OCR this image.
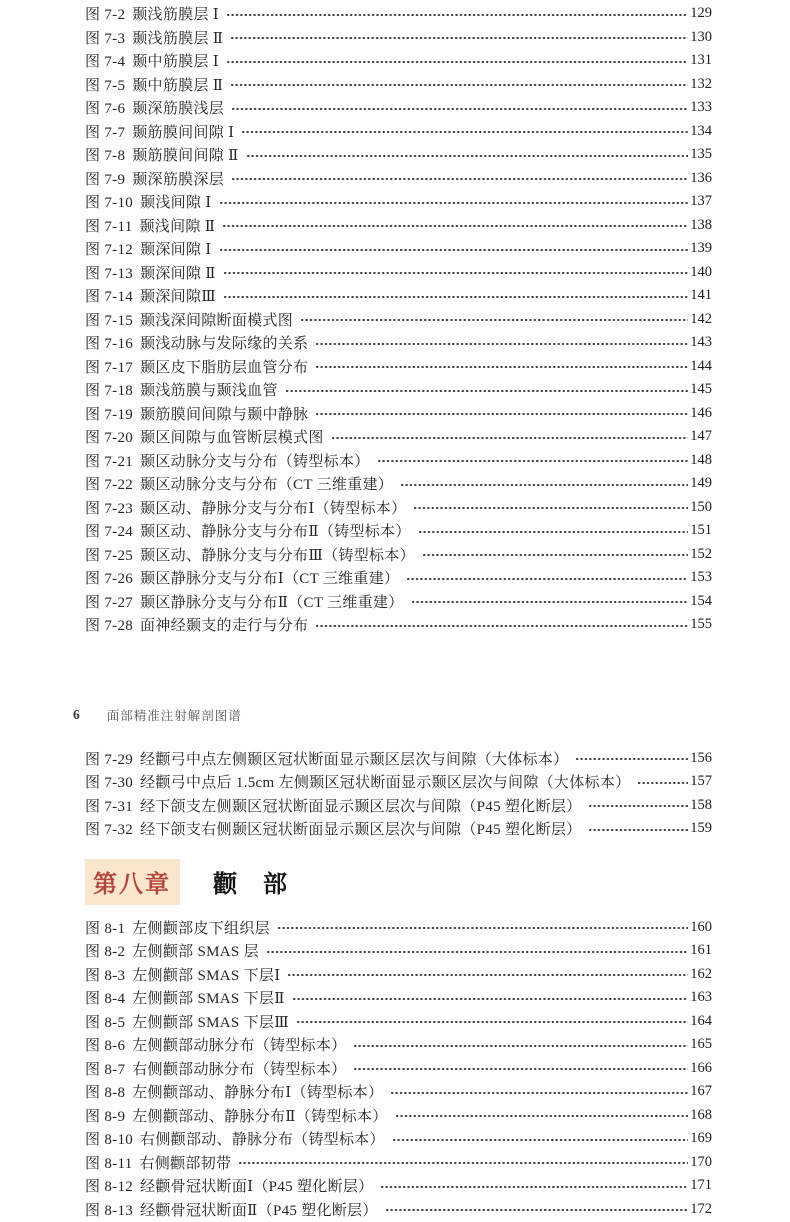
图 7-2 颞浅筋膜层 Ⅰ	129
图 7-3 颞浅筋膜层 Ⅱ	130
图 7-4 颞中筋膜层 Ⅰ	131
图 7-5 颞中筋膜层 Ⅱ	132
图 7-6 颞深筋膜浅层	133
图 7-7 颞筋膜间间隙 Ⅰ	134
图 7-8 颞筋膜间间隙 Ⅱ	135
图 7-9 颞深筋膜深层	136
图 7-10 颞浅间隙 Ⅰ	137
图 7-11 颞浅间隙 Ⅱ	138
图 7-12 颞深间隙 Ⅰ	139
图 7-13 颞深间隙 Ⅱ	140
图 7-14 颞深间隙Ⅲ	141
图 7-15 颞浅深间隙断面模式图	142
图 7-16 颞浅动脉与发际缘的关系	143
图 7-17 颞区皮下脂肪层血管分布	144
图 7-18 颞浅筋膜与颞浅血管	145
图 7-19 颞筋膜间间隙与颞中静脉	146
图 7-20 颞区间隙与血管断层模式图	147
图 7-21 颞区动脉分支与分布（铸型标本）	148
图 7-22 颞区动脉分支与分布（CT 三维重建）	149
图 7-23 颞区动、静脉分支与分布Ⅰ（铸型标本）	150
图 7-24 颞区动、静脉分支与分布Ⅱ（铸型标本）	151
图 7-25 颞区动、静脉分支与分布Ⅲ（铸型标本）	152
图 7-26 颞区静脉分支与分布Ⅰ（CT 三维重建）	153
图 7-27 颞区静脉分支与分布Ⅱ（CT 三维重建）	154
图 7-28 面神经颞支的走行与分布	155
6 面部精准注射解剖图谱
图 7-29 经颧弓中点左侧颞区冠状断面显示颞区层次与间隙（大体标本）	156
图 7-30 经颧弓中点后 1.5cm 左侧颞区冠状断面显示颞区层次与间隙（大体标本）	157
图 7-31 经下颌支左侧颞区冠状断面显示颞区层次与间隙（P45 塑化断层）	158
图 7-32 经下颌支右侧颞区冠状断面显示颞区层次与间隙（P45 塑化断层）	159
第八章	颧　部
图 8-1 左侧颧部皮下组织层	160
图 8-2 左侧颧部 SMAS 层	161
图 8-3 左侧颧部 SMAS 下层Ⅰ	162
图 8-4 左侧颧部 SMAS 下层Ⅱ	163
图 8-5 左侧颧部 SMAS 下层Ⅲ	164
图 8-6 左侧颧部动脉分布（铸型标本）	165
图 8-7 右侧颧部动脉分布（铸型标本）	166
图 8-8 左侧颧部动、静脉分布Ⅰ（铸型标本）	167
图 8-9 左侧颧部动、静脉分布Ⅱ（铸型标本）	168
图 8-10 右侧颧部动、静脉分布（铸型标本）	169
图 8-11 右侧颧部韧带	170
图 8-12 经颧骨冠状断面Ⅰ（P45 塑化断层）	171
图 8-13 经颧骨冠状断面Ⅱ（P45 塑化断层）	172
